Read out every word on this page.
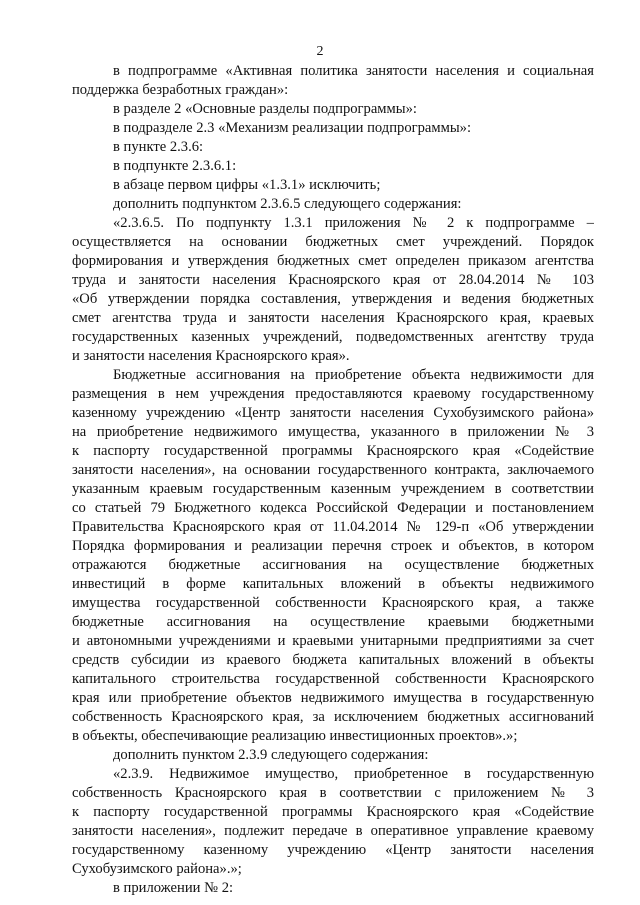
2
в подпрограмме «Активная политика занятости населения и социальная
поддержка безработных граждан»:
в разделе 2 «Основные разделы подпрограммы»:
в подразделе 2.3 «Механизм реализации подпрограммы»:
в пункте 2.3.6:
в подпункте 2.3.6.1:
в абзаце первом цифры «1.3.1» исключить;
дополнить подпунктом 2.3.6.5 следующего содержания:
«2.3.6.5. По подпункту 1.3.1 приложения № 2 к подпрограмме –
осуществляется на основании бюджетных смет учреждений. Порядок
формирования и утверждения бюджетных смет определен приказом агентства
труда и занятости населения Красноярского края от 28.04.2014 № 103
«Об утверждении порядка составления, утверждения и ведения бюджетных
смет агентства труда и занятости населения Красноярского края, краевых
государственных казенных учреждений, подведомственных агентству труда
и занятости населения Красноярского края».
Бюджетные ассигнования на приобретение объекта недвижимости для
размещения в нем учреждения предоставляются краевому государственному
казенному учреждению «Центр занятости населения Сухобузимского района»
на приобретение недвижимого имущества, указанного в приложении № 3
к паспорту государственной программы Красноярского края «Содействие
занятости населения», на основании государственного контракта, заключаемого
указанным краевым государственным казенным учреждением в соответствии
со статьей 79 Бюджетного кодекса Российской Федерации и постановлением
Правительства Красноярского края от 11.04.2014 № 129-п «Об утверждении
Порядка формирования и реализации перечня строек и объектов, в котором
отражаются бюджетные ассигнования на осуществление бюджетных
инвестиций в форме капитальных вложений в объекты недвижимого
имущества государственной собственности Красноярского края, а также
бюджетные ассигнования на осуществление краевыми бюджетными
и автономными учреждениями и краевыми унитарными предприятиями за счет
средств субсидии из краевого бюджета капитальных вложений в объекты
капитального строительства государственной собственности Красноярского
края или приобретение объектов недвижимого имущества в государственную
собственность Красноярского края, за исключением бюджетных ассигнований
в объекты, обеспечивающие реализацию инвестиционных проектов».»;
дополнить пунктом 2.3.9 следующего содержания:
«2.3.9. Недвижимое имущество, приобретенное в государственную
собственность Красноярского края в соответствии с приложением № 3
к паспорту государственной программы Красноярского края «Содействие
занятости населения», подлежит передаче в оперативное управление краевому
государственному казенному учреждению «Центр занятости населения
Сухобузимского района».»;
в приложении № 2:
